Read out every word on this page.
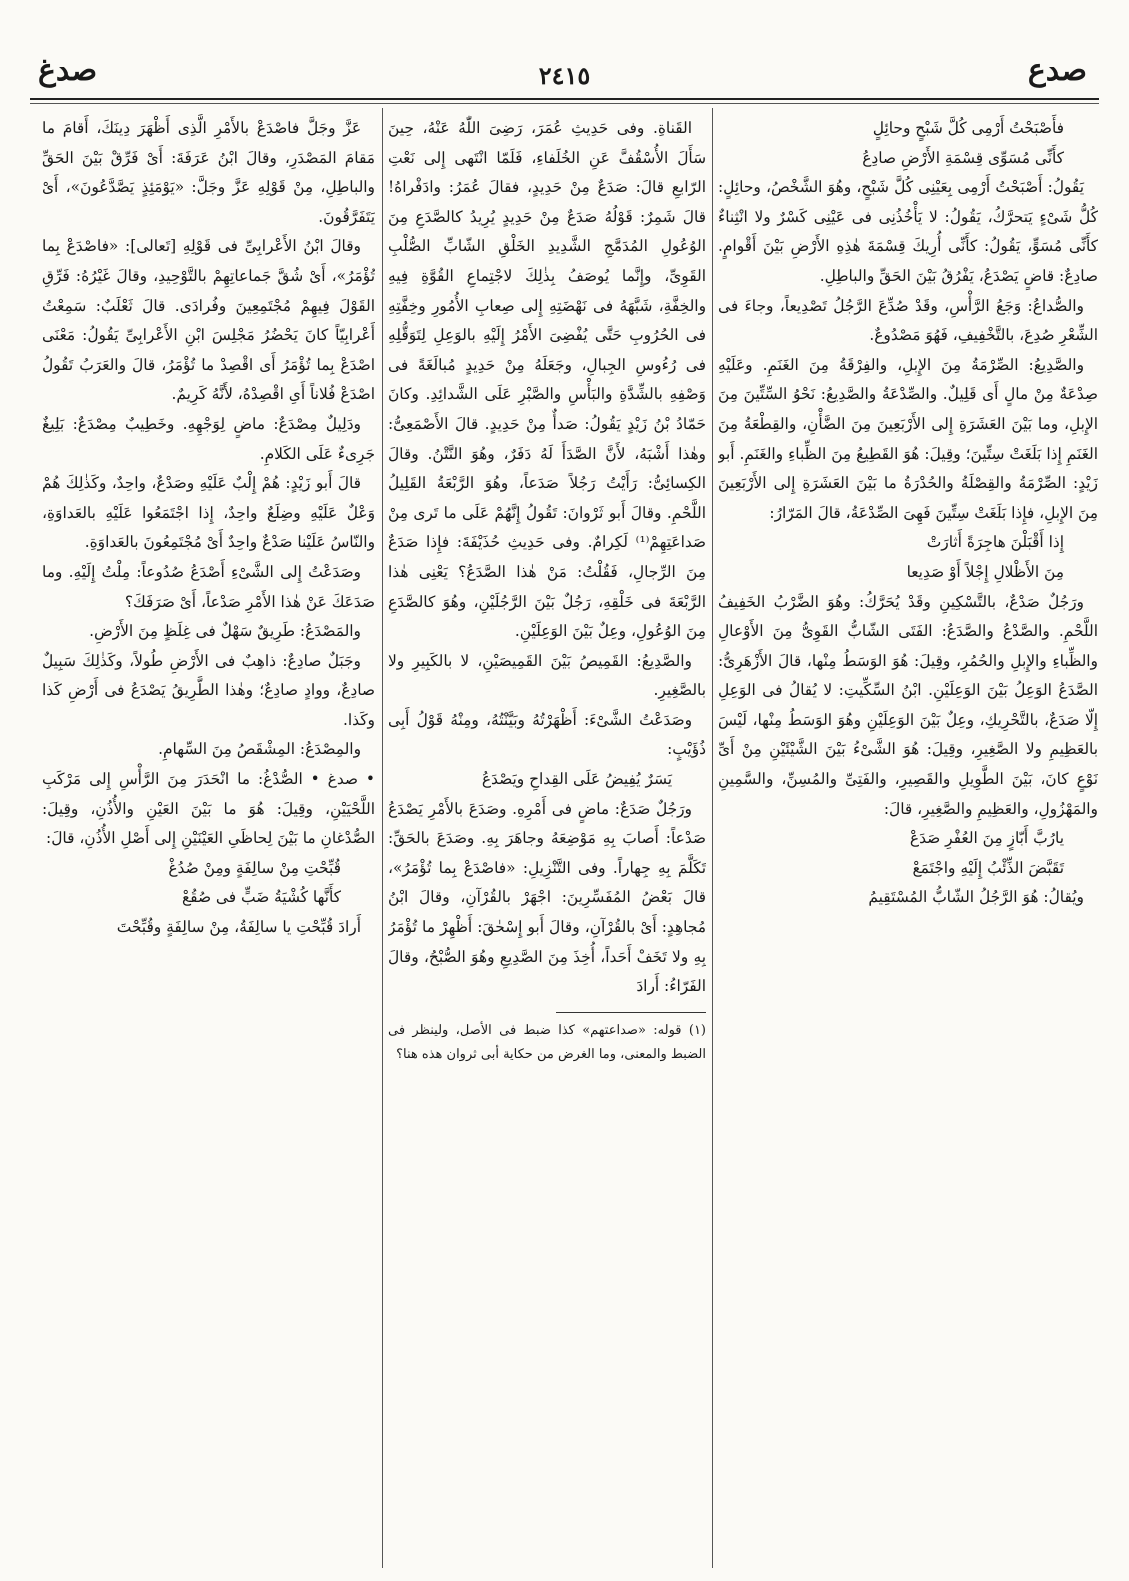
صدع
٢٤١٥
صدغ

فأَصْبَحْتُ أَرْمِى كُلَّ شَبْحٍ وحائِلٍ

كأَنِّى مُسَوِّى قِسْمَةِ الأَرْضِ صادِعُ

يَقُولُ: أَصْبَحْتُ أَرْمِى بِعَيْنِى كُلَّ شَبْحٍ، وهُوَ الشَّخْصُ، وحائِلٍ: كُلُّ شَىْءٍ يَتحرَّكُ، يَقُولُ: لا يَأْخُذُنِى فى عَيْنِى كَسْرٌ ولا انْثِناءٌ كأَنِّى مُسَوٍّ، يَقُولُ: كأَنِّى أُرِيكَ قِسْمَةَ هٰذِهِ الأَرْضِ بَيْنَ أَقْوامٍ. صادِعٌ: قاضٍ يَصْدَعُ، يَفْرُقُ بَيْنَ الحَقِّ والباطِلِ.

والصُّداعُ: وَجَعُ الرَّأْسِ، وقَدْ صُدِّعَ الرَّجُلُ تَصْدِيعاً، وجاءَ فى الشِّعْرِ صُدِعَ، بالتَّخْفِيفِ، فَهُوَ مَصْدُوعٌ.

والصَّدِيعُ: الصِّرْمَةُ مِنَ الإِبلِ، والفِرْقَةُ مِنَ الغَنَمِ. وعَلَيْهِ صِدْعَةٌ مِنْ مالٍ أَى قَلِيلٌ. والصِّدْعَةُ والصَّدِيعُ: نَحْوُ السِّتِّينَ مِنَ الإِبلِ، وما بَيْنَ العَشَرَةِ إِلى الأَرْبَعِينَ مِنَ الضَّأْنِ، والقِطْعَةُ مِنَ الغَنَمِ إِذا بَلَغَتْ سِتِّينَ؛ وقِيلَ: هُوَ القَطِيعُ مِنَ الظِّباءِ والغَنَمِ. أَبو زَيْدٍ: الصِّرْمَةُ والقِصْلَةُ والحُدْرَةُ ما بَيْنَ العَشَرَةِ إِلى الأَرْبَعِينَ مِنَ الإِبلِ، فإِذا بَلَغَتْ سِتِّينَ فَهِىَ الصِّدْعَةُ، قالَ المَرّارُ:

إِذا أَقْبَلْنَ هاجِرَةً أَثارَتْ

مِنَ الأَظْلالِ إِجْلاً أَوْ صَدِيعا

ورَجُلٌ صَدْعٌ، بالتَّسْكِينِ وقَدْ يُحَرَّكُ: وهُوَ الضَّرْبُ الخَفِيفُ اللَّحْمِ. والصَّدْعُ والصَّدَعُ: الفَتَى الشّابُّ القَوِىُّ مِنَ الأَوْعالِ والظِّباءِ والإِبلِ والحُمُرِ، وقِيلَ: هُوَ الوَسَطُ مِنْها، قالَ الأَزْهَرِىُّ: الصَّدَعُ الوَعِلُ بَيْنَ الوَعِلَيْنِ. ابْنُ السِّكِّيتِ: لا يُقالُ فى الوَعِلِ إِلّا صَدَعٌ، بالتَّحْرِيكِ، وعِلٌ بَيْنَ الوَعِلَيْنِ وهُوَ الوَسَطُ مِنْها، لَيْسَ بالعَظِيمِ ولا الصَّغِيرِ، وقِيلَ: هُوَ الشَّىْءُ بَيْنَ الشَّيْئَيْنِ مِنْ أَىِّ نَوْعٍ كانَ، بَيْنَ الطَّوِيلِ والقَصِيرِ، والفَتِىِّ والمُسِنِّ، والسَّمِينِ والمَهْزُولِ، والعَظِيمِ والصَّغِيرِ، قالَ:

يارُبَّ أَبّازٍ مِنَ العُفْرِ صَدَعْ

تَقَبَّضَ الذِّئْبُ إِلَيْهِ واجْتَمَعْ

ويُقالُ: هُوَ الرَّجُلُ الشّابُّ المُسْتَقِيمُ

القَناةِ. وفى حَدِيثِ عُمَرَ، رَضِىَ اللّٰهُ عَنْهُ، حِينَ سَأَلَ الأُسْقُفَّ عَنِ الخُلَفاءِ، فَلَمّا انْتَهى إِلى نَعْتِ الرّابعِ قالَ: صَدَعٌ مِنْ حَدِيدٍ، فقالَ عُمَرُ: وادَفْراهُ! قالَ شَمِرٌ: قَوْلُهُ صَدَعٌ مِنْ حَدِيدٍ يُرِيدُ كالصَّدَعِ مِنَ الوُعُولِ المُدَمَّجِ الشَّدِيدِ الخَلْقِ الشّابِّ الصُّلْبِ القَوِىِّ، وإِنَّما يُوصَفُ بِذٰلِكَ لاجْتِماعِ القُوَّةِ فِيهِ والخِفَّةِ، شَبَّهَهُ فى نَهْضَتِهِ إِلى صِعابِ الأُمُورِ وخِفَّتِهِ فى الحُرُوبِ حَتَّى يُفْضِىَ الأَمْرُ إِلَيْهِ بالوَعِلِ لِتَوَقُّلِهِ فى رُءُوسِ الجِبالِ، وجَعَلَهُ مِنْ حَدِيدٍ مُبالَغَةً فى وَصْفِهِ بالشِّدَّةِ والبَأْسِ والصَّبْرِ عَلَى الشَّدائِدِ. وكانَ حَمّادُ بْنُ زَيْدٍ يَقُولُ: صَدأٌ مِنْ حَدِيدٍ. قالَ الأَصْمَعِىُّ: وهٰذا أَشْبَهُ، لأَنَّ الصَّدَأَ لَهُ دَفَرٌ، وهُوَ النَّتْنُ. وقالَ الكِسائِىُّ: رَأَيْتُ رَجُلاً صَدَعاً، وهُوَ الرَّبْعَةُ القَلِيلُ اللَّحْمِ. وقالَ أَبو ثَرْوانَ: تَقُولُ إِنَّهُمْ عَلَى ما تَرى مِنْ صَداعَتِهِمْ⁽¹⁾ لَكِرامٌ. وفى حَدِيثِ حُذَيْفَةَ: فإِذا صَدَعٌ مِنَ الرِّجالِ، فَقُلْتُ: مَنْ هٰذا الصَّدَعُ؟ يَعْنِى هٰذا الرَّبْعَةَ فى خَلْقِهِ، رَجُلٌ بَيْنَ الرَّجُلَيْنِ، وهُوَ كالصَّدَعِ مِنَ الوُعُولِ، وعِلٌ بَيْنَ الوَعِلَيْنِ.

والصَّدِيعُ: القَمِيصُ بَيْنَ القَمِيصَيْنِ، لا بالكَبِيرِ ولا بالصَّغِيرِ.

وصَدَعْتُ الشَّىْءَ: أَظْهَرْتُهُ وبَيَّنْتُهُ، ومِنْهُ قَوْلُ أَبِى ذُؤَيْبٍ:

يَسَرٌ يُفِيضُ عَلَى القِداحِ ويَصْدَعُ

ورَجُلٌ صَدَعٌ: ماضٍ فى أَمْرِهِ. وصَدَعَ بالأَمْرِ يَصْدَعُ صَدْعاً: أَصابَ بِهِ مَوْضِعَهُ وجاهَرَ بِهِ. وصَدَعَ بالحَقِّ: تَكَلَّمَ بِهِ جِهاراً. وفى التَّنْزِيلِ: «فاصْدَعْ بِما تُؤْمَرُ»، قالَ بَعْضُ المُفَسِّرِينَ: اجْهَرْ بالقُرْآنِ، وقالَ ابْنُ مُجاهِدٍ: أَىْ بالقُرْآنِ، وقالَ أَبو إِسْحٰقَ: أَظْهِرْ ما تُؤْمَرُ بِهِ ولا تَخَفْ أَحَداً، أُخِذَ مِنَ الصَّدِيعِ وهُوَ الصُّبْحُ، وقالَ الفَرّاءُ: أَرادَ

(١) قوله: «صداعتهم» كذا ضبط فى الأصل، ولينظر فى الضبط والمعنى، وما الغرض من حكاية أبى ثروان هذه هنا؟

عَزَّ وجَلَّ فاصْدَعْ بالأَمْرِ الَّذِى أَظْهَرَ دِينَكَ، أَقامَ ما مَقامَ المَصْدَرِ، وقالَ ابْنُ عَرَفَةَ: أَىْ فَرِّقْ بَيْنَ الحَقِّ والباطِلِ، مِنْ قَوْلِهِ عَزَّ وجَلَّ: «يَوْمَئِذٍ يَصَّدَّعُونَ»، أَىْ يَتَفَرَّقُونَ.

وقالَ ابْنُ الأَعْرابِىِّ فى قَوْلِهِ [تَعالى]: «فاصْدَعْ بِما تُؤْمَرُ»، أَىْ شُقَّ جَماعاتِهِمْ بالتَّوْحِيدِ، وقالَ غَيْرُهُ: فَرِّقِ القَوْلَ فِيهِمْ مُجْتَمِعِينَ وفُرادَى. قالَ ثَعْلَبٌ: سَمِعْتُ أَعْرابِيّاً كانَ يَحْضُرُ مَجْلِسَ ابْنِ الأَعْرابِىِّ يَقُولُ: مَعْنَى اصْدَعْ بِما تُؤْمَرُ أَى اقْصِدْ ما تُؤْمَرُ، قالَ والعَرَبُ تَقُولُ اصْدَعْ فُلاناً أَىِ اقْصِدْهُ، لأَنَّهُ كَرِيمٌ.

ودَلِيلٌ مِصْدَعٌ: ماضٍ لِوَجْهِهِ. وخَطِيبٌ مِصْدَعٌ: بَلِيغٌ جَرِىءٌ عَلَى الكَلامِ.

قالَ أَبو زَيْدٍ: هُمْ إِلْبٌ عَلَيْهِ وصَدْعٌ، واحِدٌ، وكَذٰلِكَ هُمْ وَعْلٌ عَلَيْهِ وضِلَعٌ واحِدٌ، إِذا اجْتَمَعُوا عَلَيْهِ بالعَداوَةِ، والنّاسُ عَلَيْنا صَدْعٌ واحِدٌ أَىْ مُجْتَمِعُونَ بالعَداوَةِ.

وصَدَعْتُ إِلى الشَّىْءِ أَصْدَعُ صُدُوعاً: مِلْتُ إِلَيْهِ. وما صَدَعَكَ عَنْ هٰذا الأَمْرِ صَدْعاً، أَىْ صَرَفَكَ؟

والمَصْدَعُ: طَرِيقٌ سَهْلٌ فى غِلَظٍ مِنَ الأَرْضِ.

وجَبَلٌ صادِعٌ: ذاهِبٌ فى الأَرْضِ طُولاً، وكَذٰلِكَ سَبِيلٌ صادِعٌ، ووادٍ صادِعٌ؛ وهٰذا الطَّرِيقُ يَصْدَعُ فى أَرْضِ كَذا وكَذا.

والمِصْدَعُ: المِشْقَصُ مِنَ السِّهامِ.

• صدغ • الصُّدْغُ: ما انْحَدَرَ مِنَ الرَّأْسِ إِلى مَرْكَبِ اللَّحْيَيْنِ، وقِيلَ: هُوَ ما بَيْنَ العَيْنِ والأُذُنِ، وقِيلَ: الصُّدْغانِ ما بَيْنَ لِحاظَىِ العَيْنَيْنِ إِلى أَصْلِ الأُذُنِ، قالَ:

قُبِّحْتِ مِنْ سالِفَةٍ ومِنْ صُدُغْ

كأَنَّها كُشْيَةُ ضَبٍّ فى صُقُعْ

أَرادَ قُبِّحْتِ يا سالِفَةُ، مِنْ سالِفَةٍ وقُبِّحْتَ
